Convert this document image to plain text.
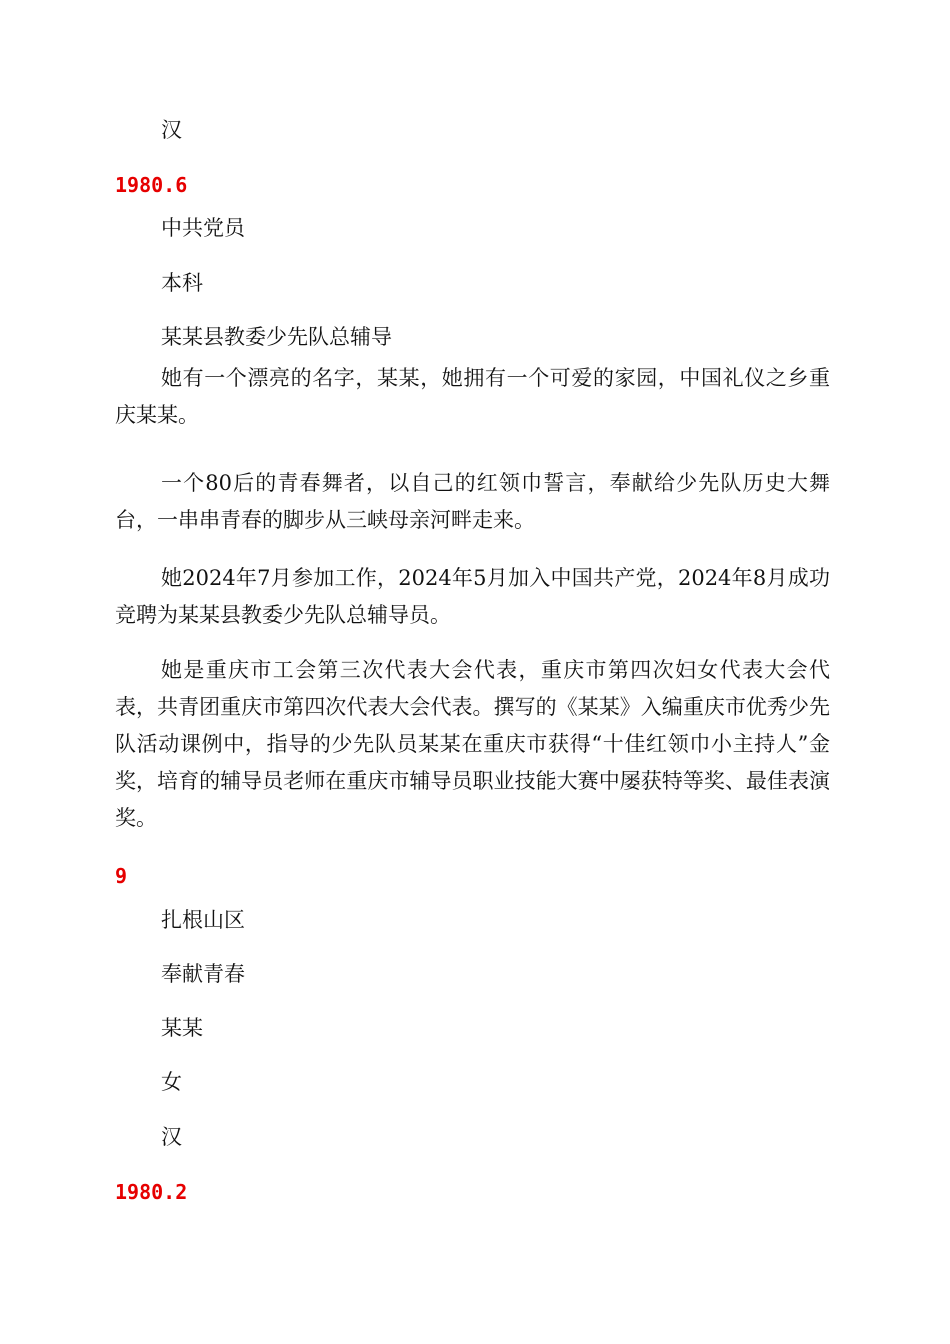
汉
1980.6
中共党员
本科
某某县教委少先队总辅导

她有一个漂亮的名字，某某，她拥有一个可爱的家园，中国礼仪之乡重庆某某。

一个80后的青春舞者，以自己的红领巾誓言，奉献给少先队历史大舞台，一串串青春的脚步从三峡母亲河畔走来。

她2024年7月参加工作，2024年5月加入中国共产党，2024年8月成功竞聘为某某县教委少先队总辅导员。

她是重庆市工会第三次代表大会代表，重庆市第四次妇女代表大会代表，共青团重庆市第四次代表大会代表。撰写的《某某》入编重庆市优秀少先队活动课例中，指导的少先队员某某在重庆市获得“十佳红领巾小主持人”金奖，培育的辅导员老师在重庆市辅导员职业技能大赛中屡获特等奖、最佳表演奖。

9
扎根山区
奉献青春
某某
女
汉
1980.2
